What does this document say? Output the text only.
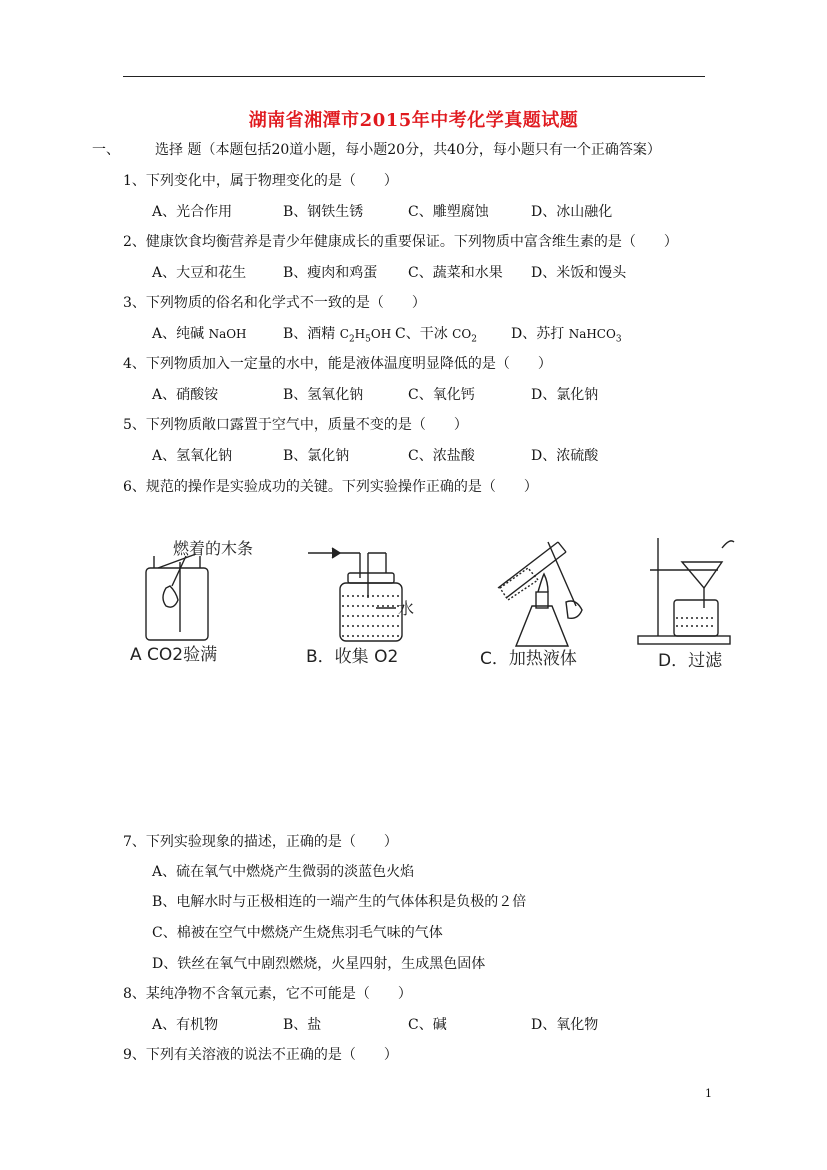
湖南省湘潭市2015年中考化学真题试题
一、	选择 题（本题包括20道小题，每小题20分，共40分，每小题只有一个正确答案）
1、下列变化中，属于物理变化的是（　　）
A、光合作用	B、钢铁生锈	C、雕塑腐蚀	D、冰山融化
2、健康饮食均衡营养是青少年健康成长的重要保证。下列物质中富含维生素的是（　　）
A、大豆和花生	B、瘦肉和鸡蛋 C、蔬菜和水果 D、米饭和馒头
3、下列物质的俗名和化学式不一致的是（　　）
A、纯碱 NaOH	B、酒精 $C_2H_5OH$ C、干冰 $CO_2$ D、苏打 NaHCO$_3$
4、下列物质加入一定量的水中，能是液体温度明显降低的是（　　）
A、硝酸铵	B、氢氧化钠	C、氧化钙	D、氯化钠
5、下列物质敞口露置于空气中，质量不变的是（　　）
A、氢氧化钠	B、氯化钠	C、浓盐酸	D、浓硫酸
6、规范的操作是实验成功的关键。下列实验操作正确的是（　　）
燃着的木条
水
A CO2验满	B．收集 O2	C．加热液体	D．过滤
7、下列实验现象的描述，正确的是（　　）
A、硫在氧气中燃烧产生微弱的淡蓝色火焰
B、电解水时与正极相连的一端产生的气体体积是负极的２倍
C、棉被在空气中燃烧产生烧焦羽毛气味的气体
D、铁丝在氧气中剧烈燃烧，火星四射，生成黑色固体
8、某纯净物不含氧元素，它不可能是（　　）
A、有机物	B、盐	C、碱	D、氧化物
9、下列有关溶液的说法不正确的是（　　）
1
